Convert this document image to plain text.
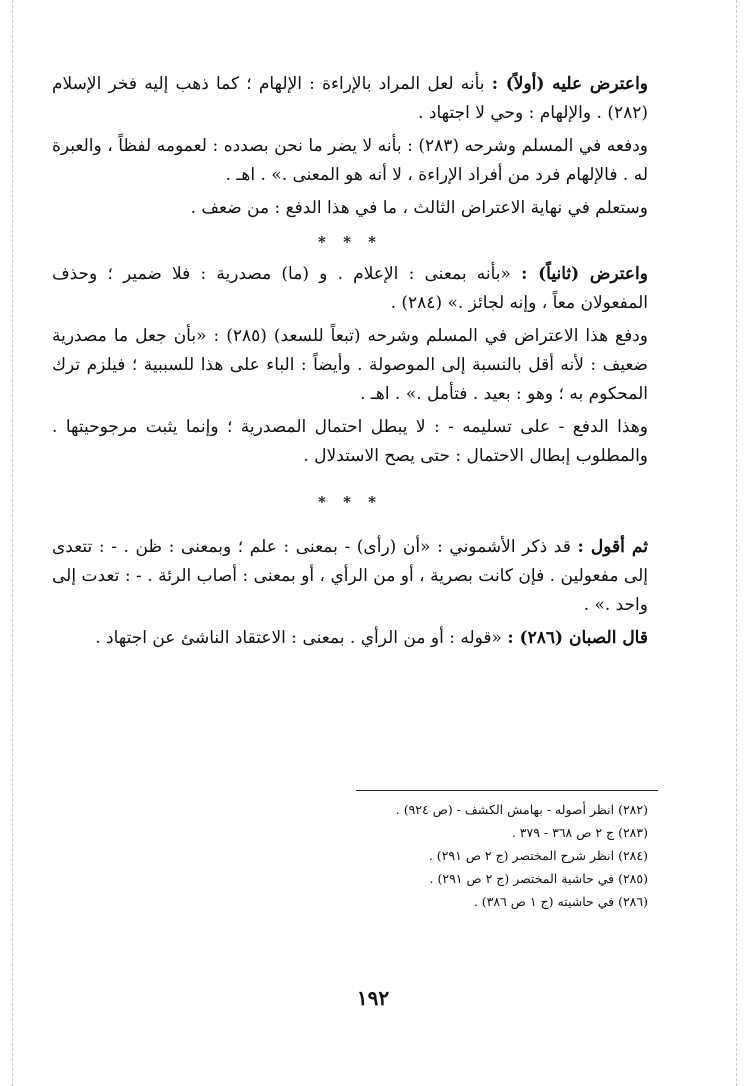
واعترض عليه (أولاً) : بأنه لعل المراد بالإراءة : الإلهام ؛ كما ذهب إليه فخر الإسلام (٢٨٢) . والإلهام : وحي لا اجتهاد .

ودفعه في المسلم وشرحه (٢٨٣) : بأنه لا يضر ما نحن بصدده : لعمومه لفظاً ، والعبرة له . فالإلهام فرد من أفراد الإراءة ، لا أنه هو المعنى .» . اهـ .

وستعلم في نهاية الاعتراض الثالث ، ما في هذا الدفع : من ضعف .

* * *

واعترض (ثانياً) : «بأنه بمعنى : الإعلام . و (ما) مصدرية : فلا ضمير ؛ وحذف المفعولان معاً ، وإنه لجائز .» (٢٨٤) .

ودفع هذا الاعتراض في المسلم وشرحه (تبعاً للسعد) (٢٨٥) : «بأن جعل ما مصدرية ضعيف : لأنه أقل بالنسبة إلى الموصولة . وأيضاً : الباء على هذا للسببية ؛ فيلزم ترك المحكوم به ؛ وهو : بعيد . فتأمل .» . اهـ .

وهذا الدفع - على تسليمه - : لا يبطل احتمال المصدرية ؛ وإنما يثبت مرجوحيتها . والمطلوب إبطال الاحتمال : حتى يصح الاستدلال .

* * *

ثم أقول : قد ذكر الأشموني : «أن (رأى) - بمعنى : علم ؛ وبمعنى : ظن . - : تتعدى إلى مفعولين . فإن كانت بصرية ، أو من الرأي ، أو بمعنى : أصاب الرئة . - : تعدت إلى واحد .» .

قال الصبان (٢٨٦) : «قوله : أو من الرأي . بمعنى : الاعتقاد الناشئ عن اجتهاد .

(٢٨٢) انظر أصوله - بهامش الكشف - (ص ٩٢٤) .
(٢٨٣) ج ٢ ص ٣٦٨ - ٣٧٩ .
(٢٨٤) انظر شرح المختصر (ج ٢ ص ٢٩١) .
(٢٨٥) في حاشية المختصر (ج ٢ ص ٢٩١) .
(٢٨٦) في حاشيته (ج ١ ص ٣٨٦) .
١٩٢
